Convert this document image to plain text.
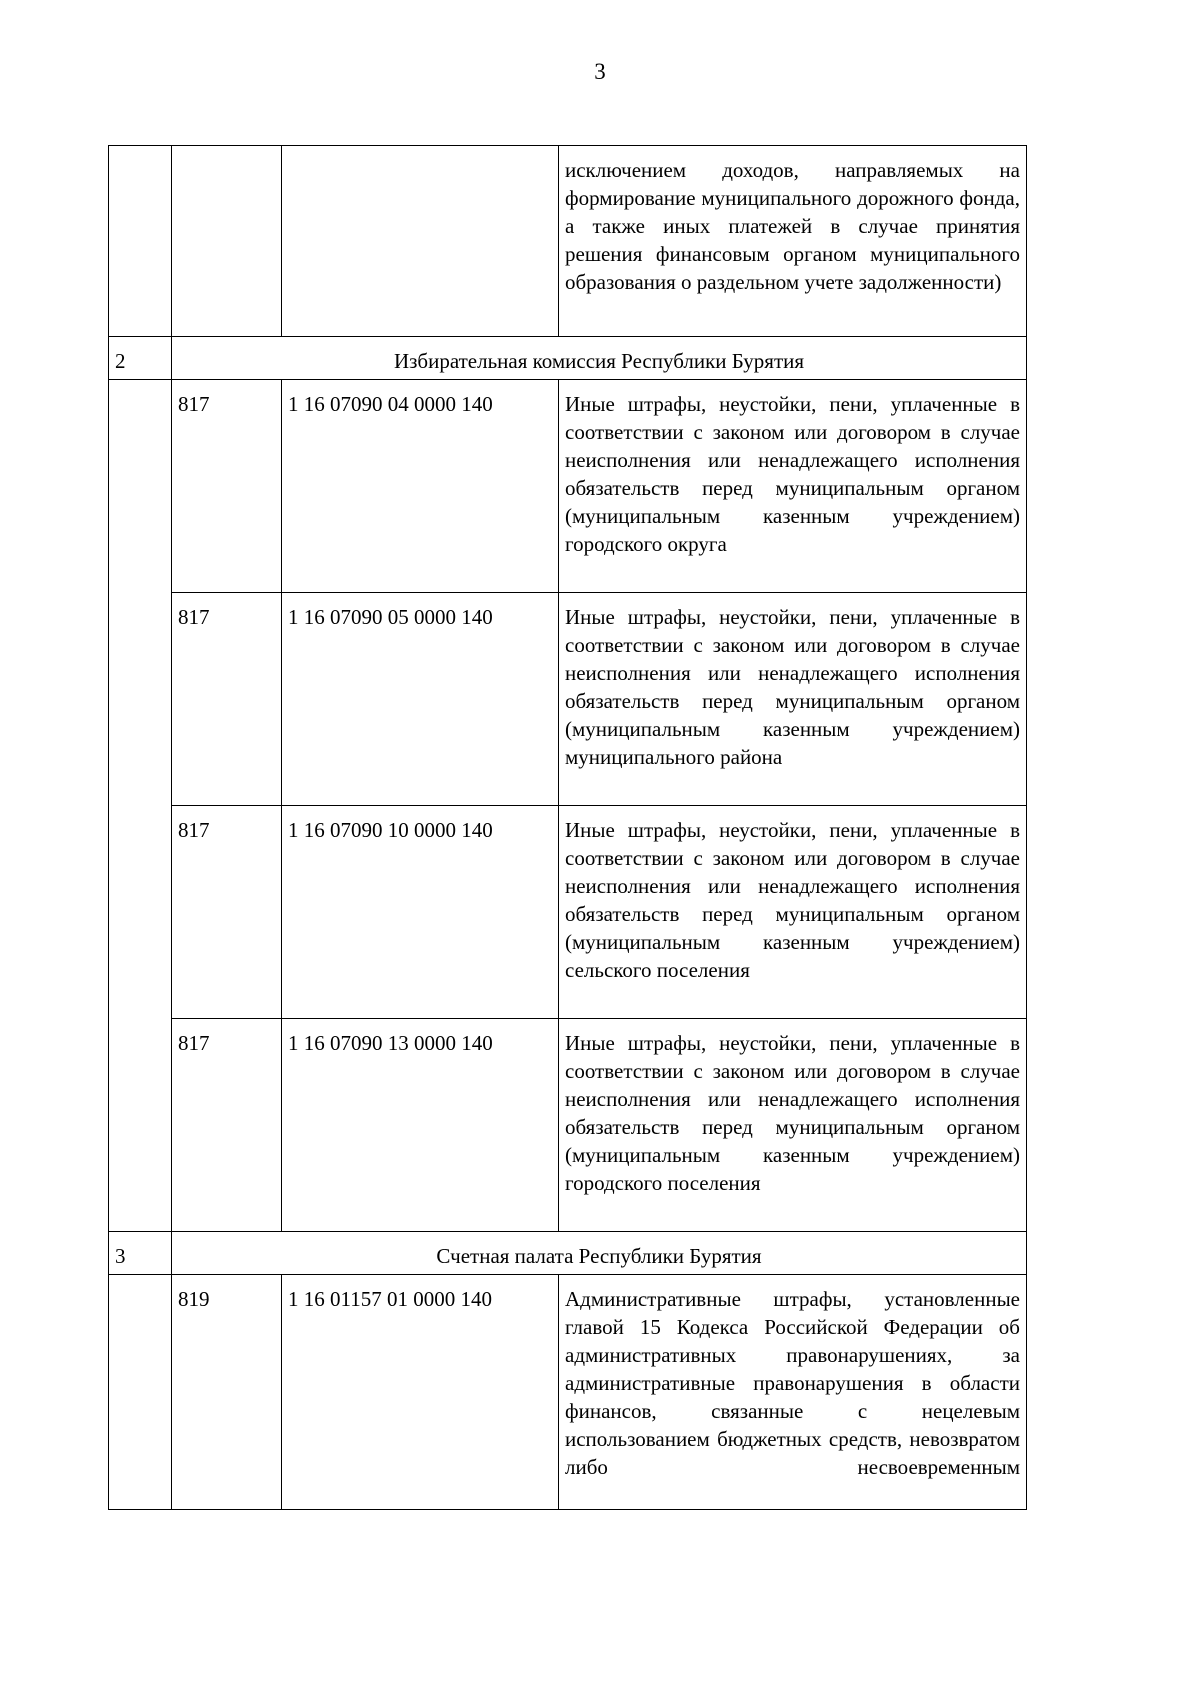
3
			исключением доходов, направляемых на формирование муниципального дорожного фонда, а также иных платежей в случае принятия решения финансовым органом муниципального образования о раздельном учете задолженности)
2	Избирательная комиссия Республики Бурятия		
	817	1 16 07090 04 0000 140	Иные штрафы, неустойки, пени, уплаченные в соответствии с законом или договором в случае неисполнения или ненадлежащего исполнения обязательств перед муниципальным органом (муниципальным казенным учреждением) городского округа
	817	1 16 07090 05 0000 140	Иные штрафы, неустойки, пени, уплаченные в соответствии с законом или договором в случае неисполнения или ненадлежащего исполнения обязательств перед муниципальным органом (муниципальным казенным учреждением) муниципального района
	817	1 16 07090 10 0000 140	Иные штрафы, неустойки, пени, уплаченные в соответствии с законом или договором в случае неисполнения или ненадлежащего исполнения обязательств перед муниципальным органом (муниципальным казенным учреждением) сельского поселения
	817	1 16 07090 13 0000 140	Иные штрафы, неустойки, пени, уплаченные в соответствии с законом или договором в случае неисполнения или ненадлежащего исполнения обязательств перед муниципальным органом (муниципальным казенным учреждением) городского поселения
3	Счетная палата Республики Бурятия		
	819	1 16 01157 01 0000 140	Административные штрафы, установленные главой 15 Кодекса Российской Федерации об административных правонарушениях, за административные правонарушения в области финансов, связанные с нецелевым использованием бюджетных средств, невозвратом либо несвоевременным
